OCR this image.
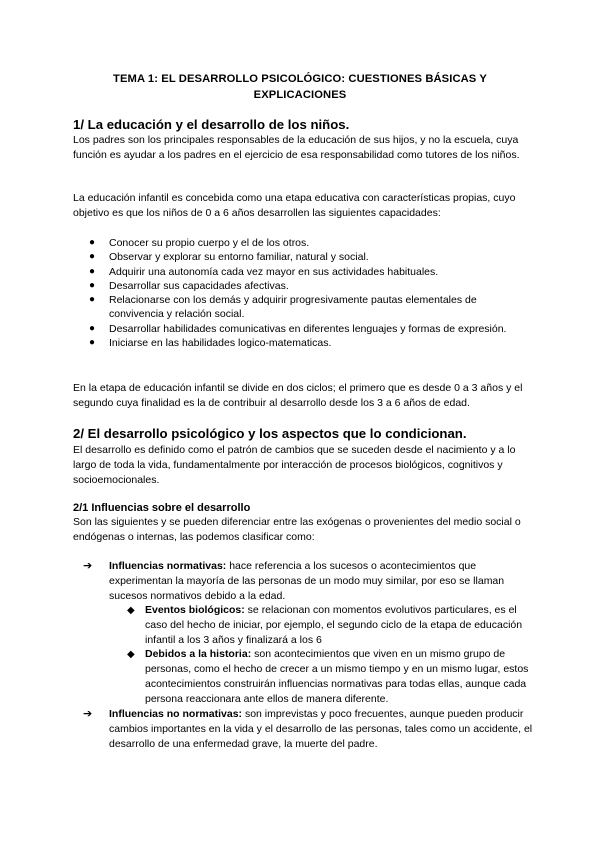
TEMA 1: EL DESARROLLO PSICOLÓGICO: CUESTIONES BÁSICAS Y EXPLICACIONES
1/ La educación y el desarrollo de los niños.
Los padres son los principales responsables de la educación de sus hijos, y no la escuela, cuya función es ayudar a los padres en el ejercicio de esa responsabilidad como tutores de los niños.
La educación infantil es concebida como una etapa educativa con características propias, cuyo objetivo es que los niños de 0 a 6 años desarrollen las siguientes capacidades:
● Conocer su propio cuerpo y el de los otros.
● Observar y explorar su entorno familiar, natural y social.
● Adquirir una autonomía cada vez mayor en sus actividades habituales.
● Desarrollar sus capacidades afectivas.
● Relacionarse con los demás y adquirir progresivamente pautas elementales de convivencia y relación social.
● Desarrollar habilidades comunicativas en diferentes lenguajes y formas de expresión.
● Iniciarse en las habilidades logico-matematicas.
En la etapa de educación infantil se divide en dos ciclos; el primero que es desde 0 a 3 años y el segundo cuya finalidad es la de contribuir al desarrollo desde los 3 a 6 años de edad.
2/ El desarrollo psicológico y los aspectos que lo condicionan.
El desarrollo es definido como el patrón de cambios que se suceden desde el nacimiento y a lo largo de toda la vida, fundamentalmente por interacción de procesos biológicos, cognitivos y socioemocionales.
2/1 Influencias sobre el desarrollo
Son las siguientes y se pueden diferenciar entre las exógenas o provenientes del medio social o endógenas o internas, las podemos clasificar como:
➔ Influencias normativas: hace referencia a los sucesos o acontecimientos que experimentan la mayoría de las personas de un modo muy similar, por eso se llaman sucesos normativos debido a la edad.
◆ Eventos biológicos: se relacionan con momentos evolutivos particulares, es el caso del hecho de iniciar, por ejemplo, el segundo ciclo de la etapa de educación infantil a los 3 años y finalizará a los 6
◆ Debidos a la historia: son acontecimientos que viven en un mismo grupo de personas, como el hecho de crecer a un mismo tiempo y en un mismo lugar, estos acontecimientos construirán influencias normativas para todas ellas, aunque cada persona reaccionara ante ellos de manera diferente.
➔ Influencias no normativas: son imprevistas y poco frecuentes, aunque pueden producir cambios importantes en la vida y el desarrollo de las personas, tales como un accidente, el desarrollo de una enfermedad grave, la muerte del padre.
